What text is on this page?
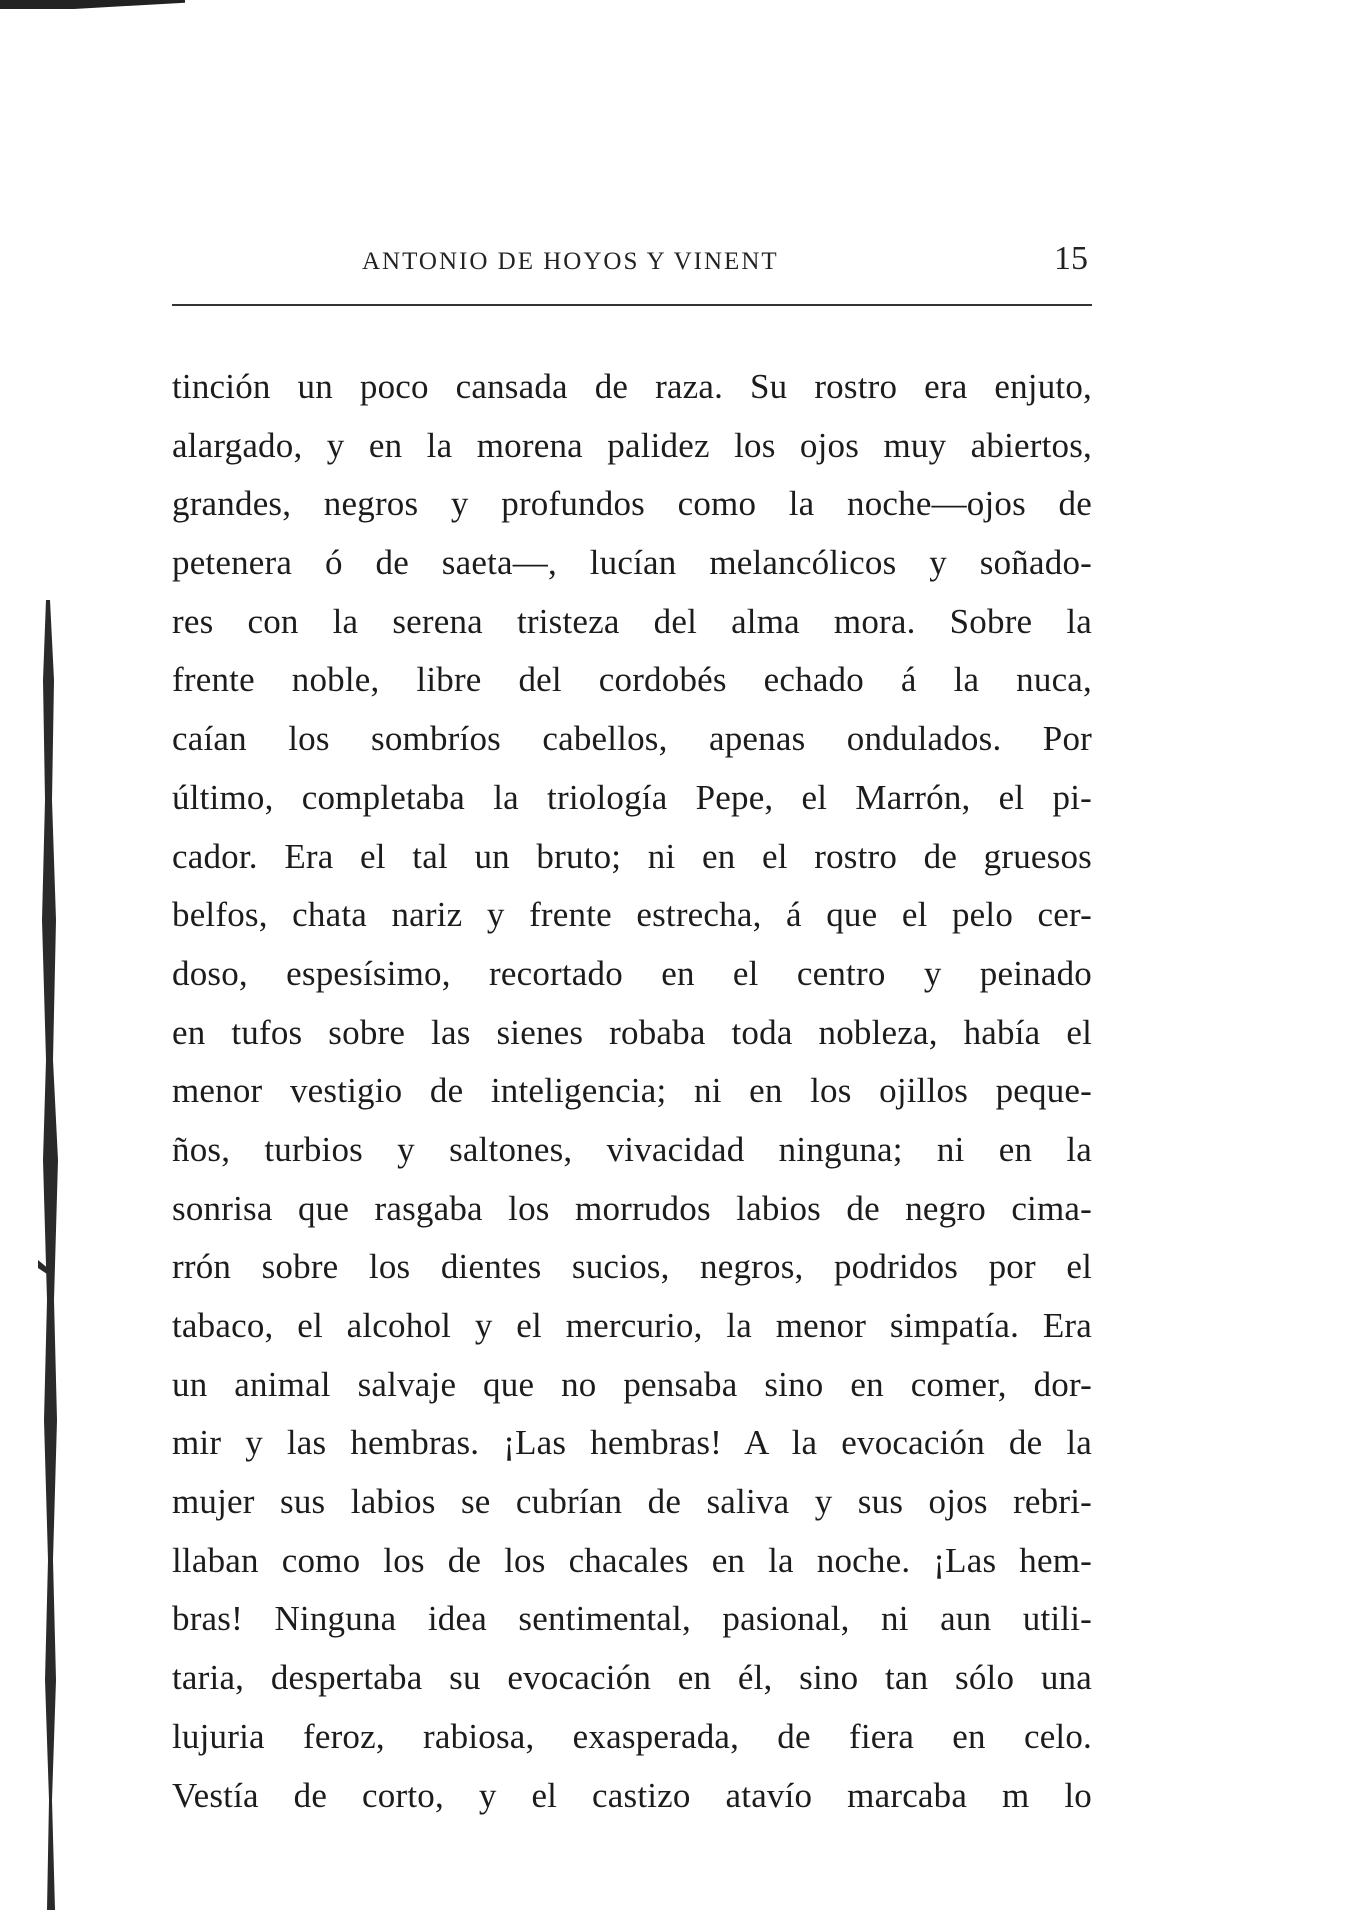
ANTONIO DE HOYOS Y VINENT	15
tinción un poco cansada de raza. Su rostro era enjuto,
alargado, y en la morena palidez los ojos muy abiertos,
grandes, negros y profundos como la noche—ojos de
petenera ó de saeta—, lucían melancólicos y soñado-
res con la serena tristeza del alma mora. Sobre la
frente noble, libre del cordobés echado á la nuca,
caían los sombríos cabellos, apenas ondulados. Por
último, completaba la triología Pepe, el Marrón, el pi-
cador. Era el tal un bruto; ni en el rostro de gruesos
belfos, chata nariz y frente estrecha, á que el pelo cer-
doso, espesísimo, recortado en el centro y peinado
en tufos sobre las sienes robaba toda nobleza, había el
menor vestigio de inteligencia; ni en los ojillos peque-
ños, turbios y saltones, vivacidad ninguna; ni en la
sonrisa que rasgaba los morrudos labios de negro cima-
rrón sobre los dientes sucios, negros, podridos por el
tabaco, el alcohol y el mercurio, la menor simpatía. Era
un animal salvaje que no pensaba sino en comer, dor-
mir y las hembras. ¡Las hembras! A la evocación de la
mujer sus labios se cubrían de saliva y sus ojos rebri-
llaban como los de los chacales en la noche. ¡Las hem-
bras! Ninguna idea sentimental, pasional, ni aun utili-
taria, despertaba su evocación en él, sino tan sólo una
lujuria feroz, rabiosa, exasperada, de fiera en celo.
Vestía de corto, y el castizo atavío marcaba m lo
